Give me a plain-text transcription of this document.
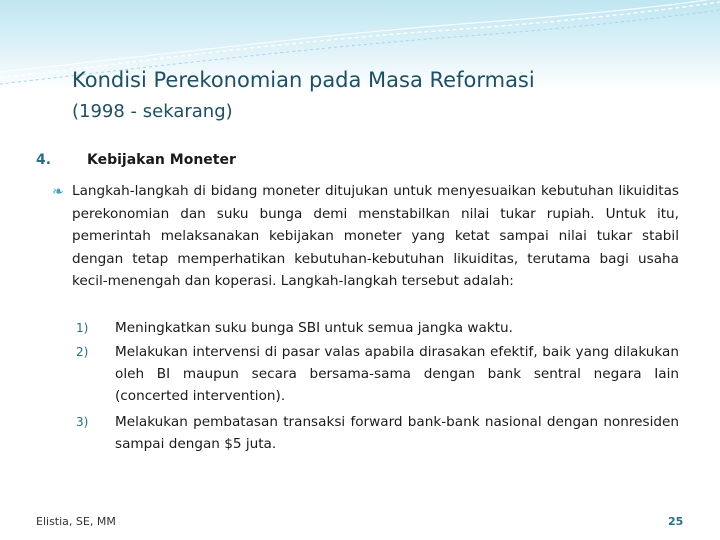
Kondisi Perekonomian pada Masa Reformasi
(1998 - sekarang)
4.	Kebijakan Moneter
❧ Langkah-langkah di bidang moneter ditujukan untuk menyesuaikan kebutuhan likuiditas perekonomian dan suku bunga demi menstabilkan nilai tukar rupiah. Untuk itu, pemerintah melaksanakan kebijakan moneter yang ketat sampai nilai tukar stabil dengan tetap memperhatikan kebutuhan-kebutuhan likuiditas, terutama bagi usaha kecil-menengah dan koperasi. Langkah-langkah tersebut adalah:
1) Meningkatkan suku bunga SBI untuk semua jangka waktu.
2) Melakukan intervensi di pasar valas apabila dirasakan efektif, baik yang dilakukan oleh BI maupun secara bersama-sama dengan bank sentral negara Iain (concerted intervention).
3) Melakukan pembatasan transaksi forward bank-bank nasional dengan nonresiden sampai dengan $5 juta.
Elistia, SE, MM	25
